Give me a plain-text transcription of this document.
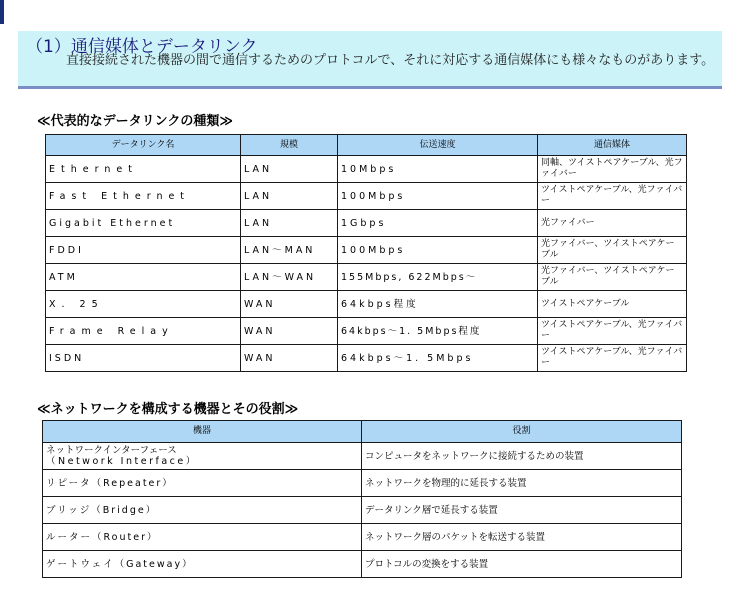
（1）通信媒体とデータリンク
直接接続された機器の間で通信するためのプロトコルで、それに対応する通信媒体にも様々なものがあります。
≪代表的なデータリンクの種類≫
データリンク名	規模	伝送速度	通信媒体
Ethernet	LAN	10Mbps	同軸、ツイストペアケーブル、光ファイバー
Fast Ethernet	LAN	100Mbps	ツイストペアケーブル、光ファイバー
Gigabit Ethernet	LAN	1Gbps	光ファイバー
FDDI	LAN〜MAN	100Mbps	光ファイバー、ツイストペアケーブル
ATM	LAN〜WAN	155Mbps, 622Mbps〜	光ファイバー、ツイストペアケーブル
X. 25	WAN	64kbps程度	ツイストペアケーブル
Frame Relay	WAN	64kbps〜1. 5Mbps程度	ツイストペアケーブル、光ファイバー
ISDN	WAN	64kbps〜1. 5Mbps	ツイストペアケーブル、光ファイバー
≪ネットワークを構成する機器とその役割≫
機器	役割

ネットワークインターフェース
（Network Interface）	コンピュータをネットワークに接続するための装置
リピータ（Repeater）	ネットワークを物理的に延長する装置
ブリッジ（Bridge）	データリンク層で延長する装置
ルーター（Router）	ネットワーク層のパケットを転送する装置
ゲートウェイ（Gateway）	プロトコルの変換をする装置
